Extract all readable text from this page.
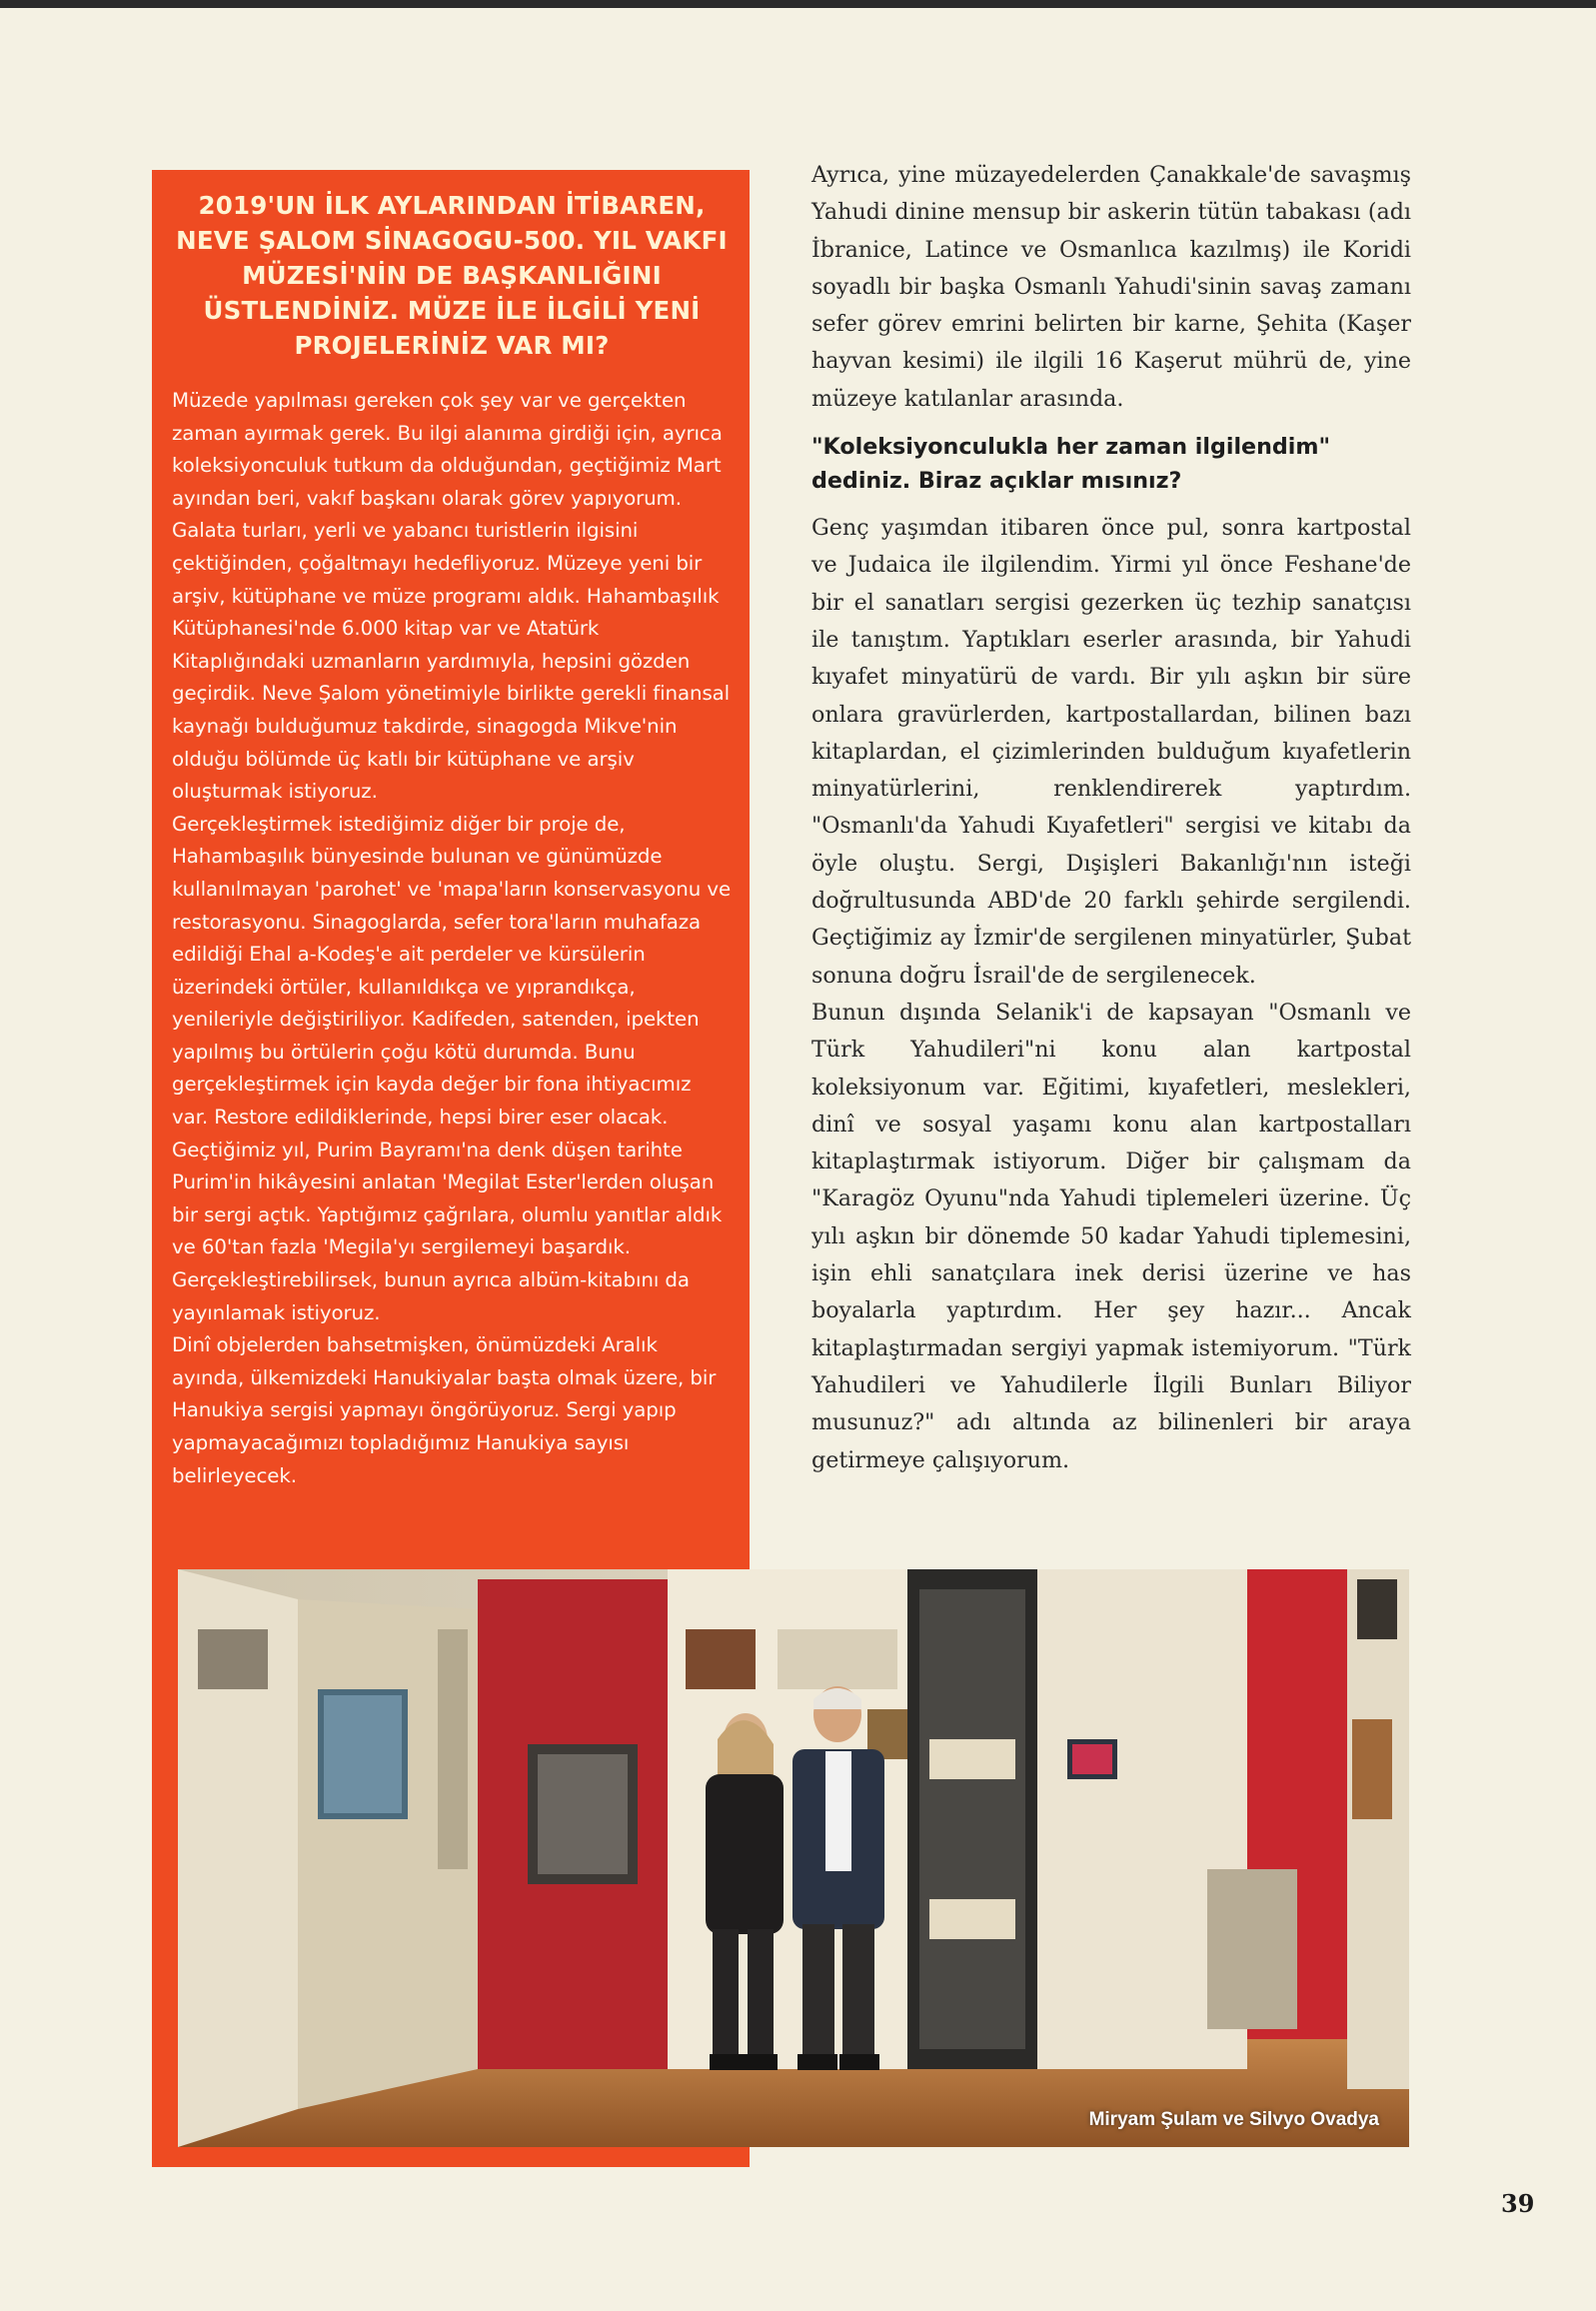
2019'UN İLK AYLARINDAN İTİBAREN, NEVE ŞALOM SİNAGOGU-500. YIL VAKFI MÜZESİ'NİN DE BAŞKANLIĞINI ÜSTLENDİNİZ. MÜZE İLE İLGİLİ YENİ PROJELERİNİZ VAR MI?

Müzede yapılması gereken çok şey var ve gerçekten zaman ayırmak gerek. Bu ilgi alanıma girdiği için, ayrıca koleksiyonculuk tutkum da olduğundan, geçtiğimiz Mart ayından beri, vakıf başkanı olarak görev yapıyorum. Galata turları, yerli ve yabancı turistlerin ilgisini çektiğinden, çoğaltmayı hedefliyoruz. Müzeye yeni bir arşiv, kütüphane ve müze programı aldık. Hahambaşılık Kütüphanesi'nde 6.000 kitap var ve Atatürk Kitaplığındaki uzmanların yardımıyla, hepsini gözden geçirdik. Neve Şalom yönetimiyle birlikte gerekli finansal kaynağı bulduğumuz takdirde, sinagogda Mikve'nin olduğu bölümde üç katlı bir kütüphane ve arşiv oluşturmak istiyoruz.

Gerçekleştirmek istediğimiz diğer bir proje de, Hahambaşılık bünyesinde bulunan ve günümüzde kullanılmayan 'parohet' ve 'mapa'ların konservasyonu ve restorasyonu. Sinagoglarda, sefer tora'ların muhafaza edildiği Ehal a-Kodeş'e ait perdeler ve kürsülerin üzerindeki örtüler, kullanıldıkça ve yıprandıkça, yenileriyle değiştiriliyor. Kadifeden, satenden, ipekten yapılmış bu örtülerin çoğu kötü durumda. Bunu gerçekleştirmek için kayda değer bir fona ihtiyacımız var. Restore edildiklerinde, hepsi birer eser olacak.

Geçtiğimiz yıl, Purim Bayramı'na denk düşen tarihte Purim'in hikâyesini anlatan 'Megilat Ester'lerden oluşan bir sergi açtık. Yaptığımız çağrılara, olumlu yanıtlar aldık ve 60'tan fazla 'Megila'yı sergilemeyi başardık. Gerçekleştirebilirsek, bunun ayrıca albüm-kitabını da yayınlamak istiyoruz.

Dinî objelerden bahsetmişken, önümüzdeki Aralık ayında, ülkemizdeki Hanukiyalar başta olmak üzere, bir Hanukiya sergisi yapmayı öngörüyoruz. Sergi yapıp yapmayacağımızı topladığımız Hanukiya sayısı belirleyecek.

Ayrıca, yine müzayedelerden Çanakkale'de savaşmış Yahudi dinine mensup bir askerin tütün tabakası (adı İbranice, Latince ve Osmanlıca kazılmış) ile Koridi soyadlı bir başka Osmanlı Yahudi'sinin savaş zamanı sefer görev emrini belirten bir karne, Şehita (Kaşer hayvan kesimi) ile ilgili 16 Kaşerut mührü de, yine müzeye katılanlar arasında.

"Koleksiyonculukla her zaman ilgilendim" dediniz. Biraz açıklar mısınız?

Genç yaşımdan itibaren önce pul, sonra kartpostal ve Judaica ile ilgilendim. Yirmi yıl önce Feshane'de bir el sanatları sergisi gezerken üç tezhip sanatçısı ile tanıştım. Yaptıkları eserler arasında, bir Yahudi kıyafet minyatürü de vardı. Bir yılı aşkın bir süre onlara gravürlerden, kartpostallardan, bilinen bazı kitaplardan, el çizimlerinden bulduğum kıyafetlerin minyatürlerini, renklendirerek yaptırdım. "Osmanlı'da Yahudi Kıyafetleri" sergisi ve kitabı da öyle oluştu. Sergi, Dışişleri Bakanlığı'nın isteği doğrultusunda ABD'de 20 farklı şehirde sergilendi. Geçtiğimiz ay İzmir'de sergilenen minyatürler, Şubat sonuna doğru İsrail'de de sergilenecek.

Bunun dışında Selanik'i de kapsayan "Osmanlı ve Türk Yahudileri"ni konu alan kartpostal koleksiyonum var. Eğitimi, kıyafetleri, meslekleri, dinî ve sosyal yaşamı konu alan kartpostalları kitaplaştırmak istiyorum. Diğer bir çalışmam da "Karagöz Oyunu"nda Yahudi tiplemeleri üzerine. Üç yılı aşkın bir dönemde 50 kadar Yahudi tiplemesini, işin ehli sanatçılara inek derisi üzerine ve has boyalarla yaptırdım. Her şey hazır... Ancak kitaplaştırmadan sergiyi yapmak istemiyorum. "Türk Yahudileri ve Yahudilerle İlgili Bunları Biliyor musunuz?" adı altında az bilinenleri bir araya getirmeye çalışıyorum.

Miryam Şulam ve Silvyo Ovadya
39
